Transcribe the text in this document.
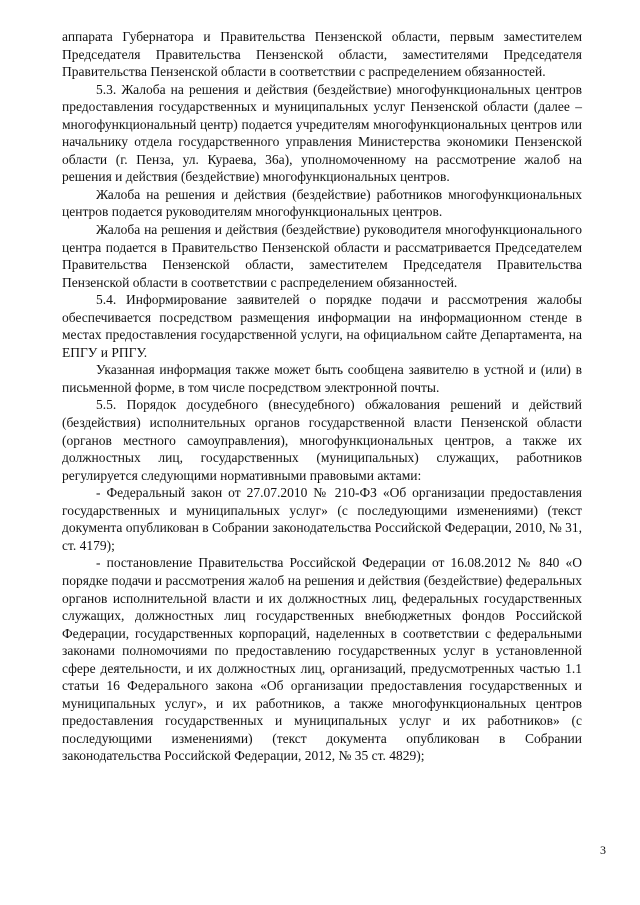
аппарата Губернатора и Правительства Пензенской области, первым заместителем Председателя Правительства Пензенской области, заместителями Председателя Правительства Пензенской области в соответствии с распределением обязанностей.

5.3. Жалоба на решения и действия (бездействие) многофункциональных центров предоставления государственных и муниципальных услуг Пензенской области (далее – многофункциональный центр) подается учредителям многофункциональных центров или начальнику отдела государственного управления Министерства экономики Пензенской области (г. Пенза, ул. Кураева, 36а), уполномоченному на рассмотрение жалоб на решения и действия (бездействие) многофункциональных центров.

Жалоба на решения и действия (бездействие) работников многофункциональных центров подается руководителям многофункциональных центров.

Жалоба на решения и действия (бездействие) руководителя многофункционального центра подается в Правительство Пензенской области и рассматривается Председателем Правительства Пензенской области, заместителем Председателя Правительства Пензенской области в соответствии с распределением обязанностей.

5.4. Информирование заявителей о порядке подачи и рассмотрения жалобы обеспечивается посредством размещения информации на информационном стенде в местах предоставления государственной услуги, на официальном сайте Департамента, на ЕПГУ и РПГУ.

Указанная информация также может быть сообщена заявителю в устной и (или) в письменной форме, в том числе посредством электронной почты.

5.5. Порядок досудебного (внесудебного) обжалования решений и действий (бездействия) исполнительных органов государственной власти Пензенской области (органов местного самоуправления), многофункциональных центров, а также их должностных лиц, государственных (муниципальных) служащих, работников регулируется следующими нормативными правовыми актами:

- Федеральный закон от 27.07.2010 № 210-ФЗ «Об организации предоставления государственных и муниципальных услуг» (с последующими изменениями) (текст документа опубликован в Собрании законодательства Российской Федерации, 2010, № 31, ст. 4179);

- постановление Правительства Российской Федерации от 16.08.2012 № 840 «О порядке подачи и рассмотрения жалоб на решения и действия (бездействие) федеральных органов исполнительной власти и их должностных лиц, федеральных государственных служащих, должностных лиц государственных внебюджетных фондов Российской Федерации, государственных корпораций, наделенных в соответствии с федеральными законами полномочиями по предоставлению государственных услуг в установленной сфере деятельности, и их должностных лиц, организаций, предусмотренных частью 1.1 статьи 16 Федерального закона «Об организации предоставления государственных и муниципальных услуг», и их работников, а также многофункциональных центров предоставления государственных и муниципальных услуг и их работников» (с последующими изменениями) (текст документа опубликован в Собрании законодательства Российской Федерации, 2012, № 35 ст. 4829);

3
